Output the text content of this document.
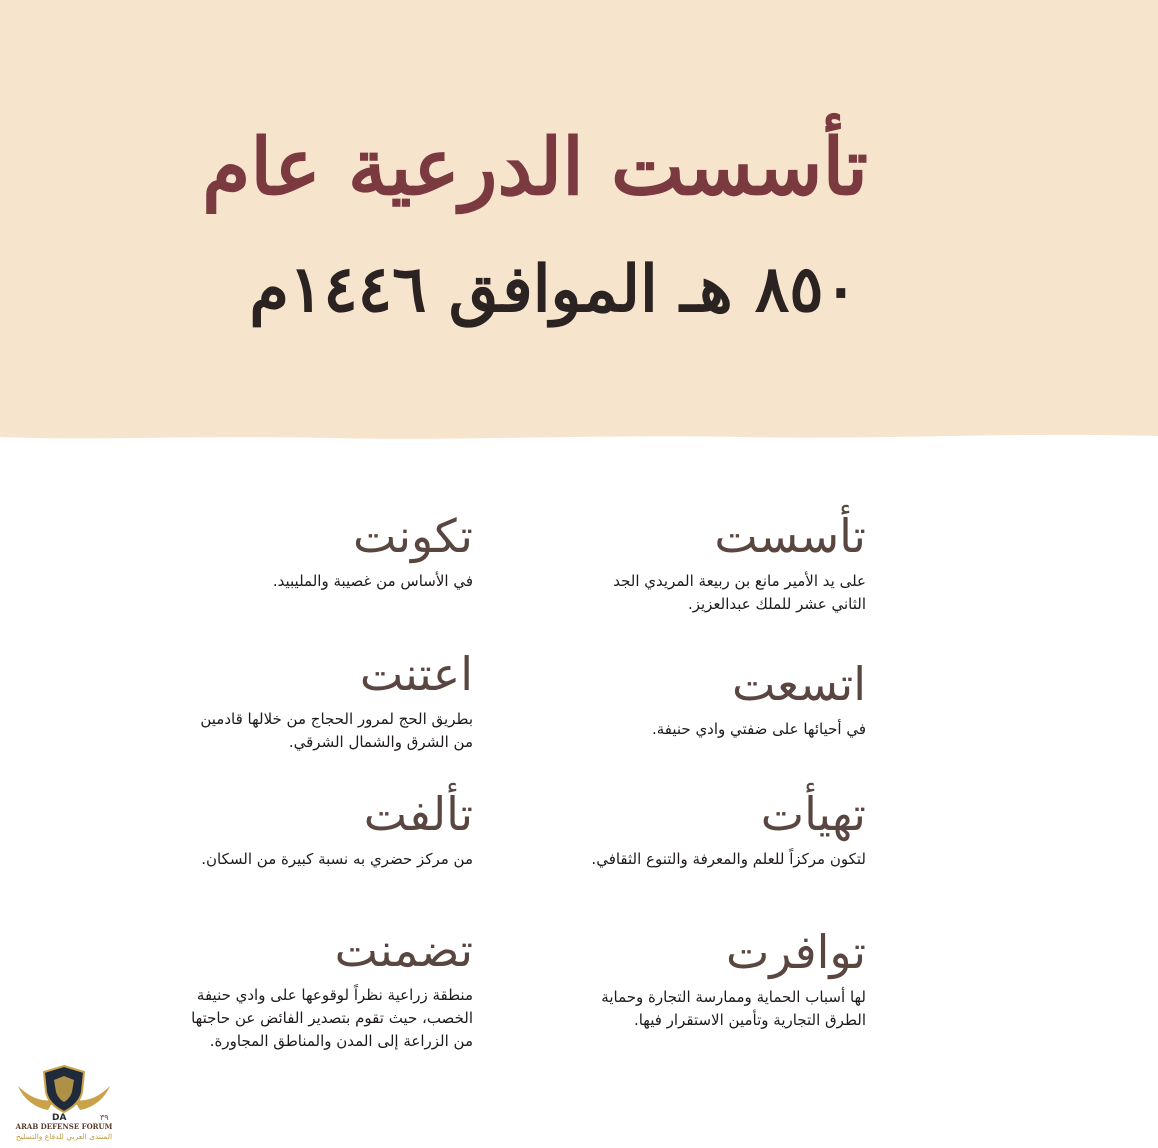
تأسست الدرعية عام
٨٥٠ هـ الموافق ١٤٤٦م
تأسست
على يد الأمير مانع بن ربيعة المريدي الجد الثاني عشر للملك عبدالعزيز.
اتسعت
في أحيائها على ضفتي وادي حنيفة.
تهيأت
لتكون مركزاً للعلم والمعرفة والتنوع الثقافي.
توافرت
لها أسباب الحماية وممارسة التجارة وحماية الطرق التجارية وتأمين الاستقرار فيها.
تكونت
في الأساس من غصيبة والمليبيد.
اعتنت
بطريق الحج لمرور الحجاج من خلالها قادمين من الشرق والشمال الشرقي.
تألفت
من مركز حضري به نسبة كبيرة من السكان.
تضمنت
منطقة زراعية نظراً لوقوعها على وادي حنيفة الخصب، حيث تقوم بتصدير الفائض عن حاجتها من الزراعة إلى المدن والمناطق المجاورة.
DA	٣٩
ARAB DEFENSE FORUM
المنتدى العربي للدفاع والتسليح
